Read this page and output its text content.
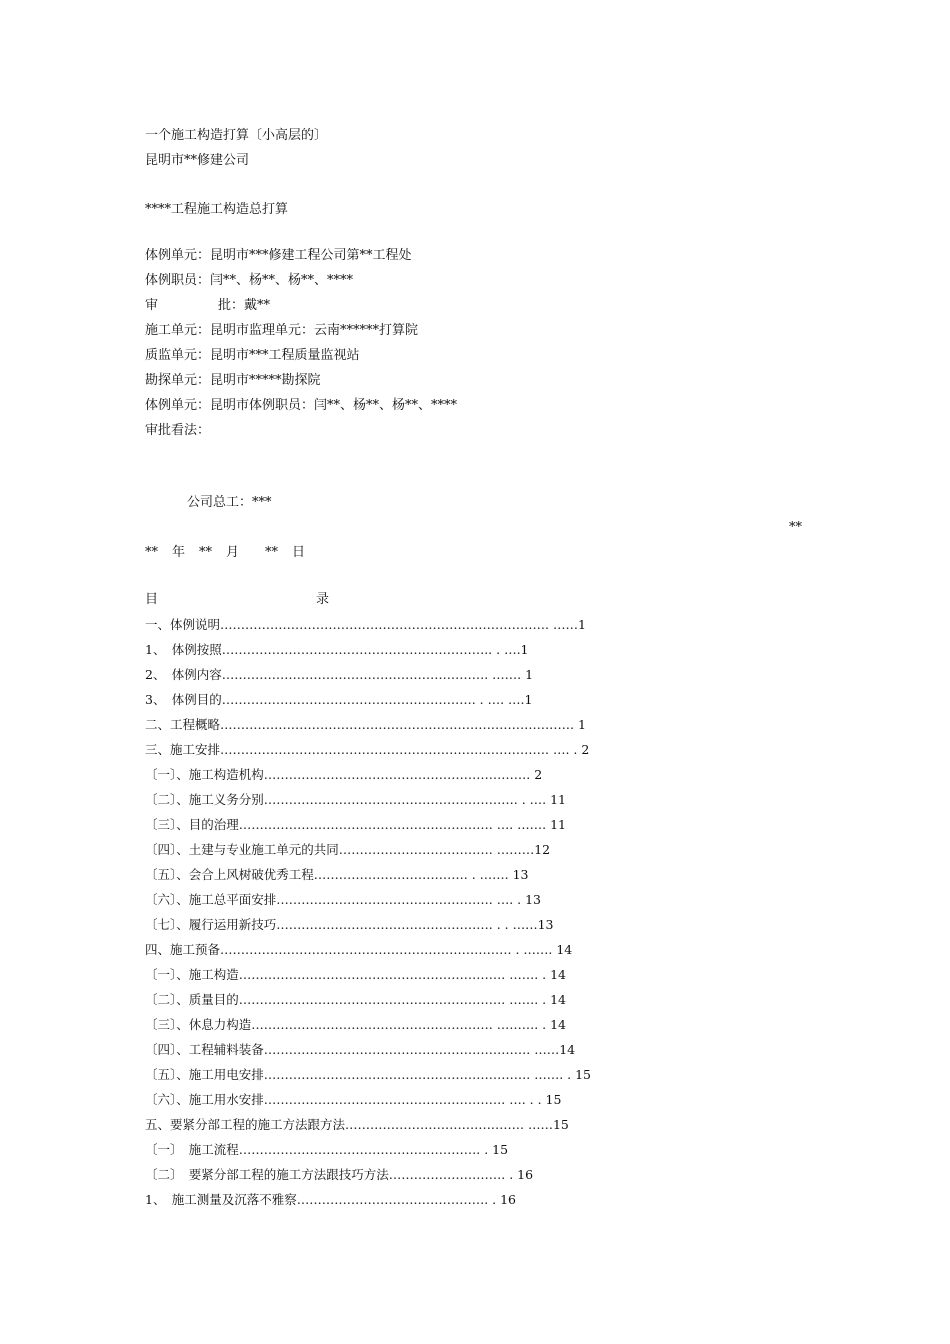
一个施工构造打算〔小高层的〕
昆明市**修建公司
****工程施工构造总打算
体例单元：昆明市***修建工程公司第**工程处
体例职员：闫**、杨**、杨**、****
审	批：戴**
施工单元：昆明市监理单元：云南******打算院
质监单元：昆明市***工程质量监视站
勘探单元：昆明市*****勘探院
体例单元：昆明市体例职员：闫**、杨**、杨**、****
审批看法：
公司总工：***
**
** 年 ** 月 ** 日
目	录
一、体例说明……………………………………………………………………. ……1
1、　体例按照……………………………………………………….. . ….1
2、　体例内容………………………………………………………. ……. 1
3、　体例目的……………………………………………………. . …. ….1
二、工程概略…………………………………………………………………………. 1
三、施工安排……………………………………………………………………. …. . 2
〔一〕、施工构造机构………………………………………………………. 2
〔二〕、施工义务分别……………………………………………………. . …. 11
〔三〕、目的治理……………………………………………………. …. ……. 11
〔四〕、土建与专业施工单元的共同………………………………. ………12
〔五〕、会合上风树破优秀工程………………………………. . ……. 13
〔六〕、施工总平面安排……………………………………………. …. . 13
〔七〕、履行运用新技巧……………………………………………. . . ……13
四、施工预备……………………………………………………………. . ……. 14
〔一〕、施工构造………………………………………………………. ……. . 14
〔二〕、质量目的………………………………………………………. ……. . 14
〔三〕、休息力构造…………………………………………………. ………. . 14
〔四〕、工程辅料装备………………………………………………………. ……14
〔五〕、施工用电安排………………………………………………………. ……. . 15
〔六〕、施工用水安排…………………………………………………. …. . . 15
五、要紧分部工程的施工方法跟方法……………………………………. ……15
〔一〕　施工流程…………………………………………………. . 15
〔二〕　要紧分部工程的施工方法跟技巧方法………………………. . 16
1、　施工测量及沉落不雅察………………………………………. . 16
